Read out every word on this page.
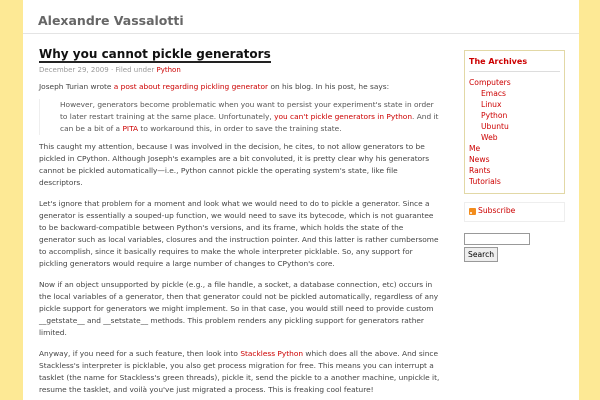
Alexandre Vassalotti
Why you cannot pickle generators
December 29, 2009 · Filed under Python

Joseph Turian wrote a post about regarding pickling generator on his blog. In his post, he says:

However, generators become problematic when you want to persist your experiment's state in order to later restart training at the same place. Unfortunately, you can't pickle generators in Python. And it can be a bit of a PITA to workaround this, in order to save the training state.

This caught my attention, because I was involved in the decision, he cites, to not allow generators to be pickled in CPython. Although Joseph's examples are a bit convoluted, it is pretty clear why his generators cannot be pickled automatically—i.e., Python cannot pickle the operating system's state, like file descriptors.

Let's ignore that problem for a moment and look what we would need to do to pickle a generator. Since a generator is essentially a souped-up function, we would need to save its bytecode, which is not guarantee to be backward-compatible between Python's versions, and its frame, which holds the state of the generator such as local variables, closures and the instruction pointer. And this latter is rather cumbersome to accomplish, since it basically requires to make the whole interpreter picklable. So, any support for pickling generators would require a large number of changes to CPython's core.

Now if an object unsupported by pickle (e.g., a file handle, a socket, a database connection, etc) occurs in the local variables of a generator, then that generator could not be pickled automatically, regardless of any pickle support for generators we might implement. So in that case, you would still need to provide custom __getstate__ and __setstate__ methods. This problem renders any pickling support for generators rather limited.

Anyway, if you need for a such feature, then look into Stackless Python which does all the above. And since Stackless's interpreter is picklable, you also get process migration for free. This means you can interrupt a tasklet (the name for Stackless's green threads), pickle it, send the pickle to a another machine, unpickle it, resume the tasklet, and voilà you've just migrated a process. This is freaking cool feature!

The Archives
Computers
Emacs
Linux
Python
Ubuntu
Web
Me
News
Rants
Tutorials
Subscribe
Search
